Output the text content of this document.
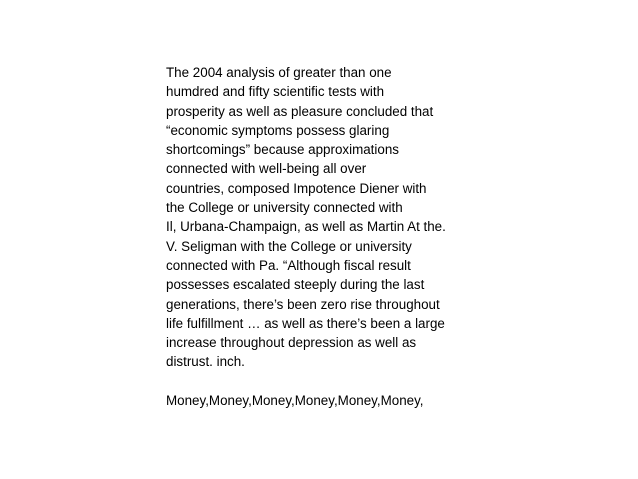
The 2004 analysis of greater than one
humdred and fifty scientific tests with
prosperity as well as pleasure concluded that
“economic symptoms possess glaring
shortcomings” because approximations
connected with well-being all over
countries, composed Impotence Diener with
the College or university connected with
Il, Urbana-Champaign, as well as Martin At the.
V. Seligman with the College or university
connected with Pa. “Although fiscal result
possesses escalated steeply during the last
generations, there’s been zero rise throughout
life fulfillment … as well as there’s been a large
increase throughout depression as well as
distrust. inch.
Money,Money,Money,Money,Money,Money,
